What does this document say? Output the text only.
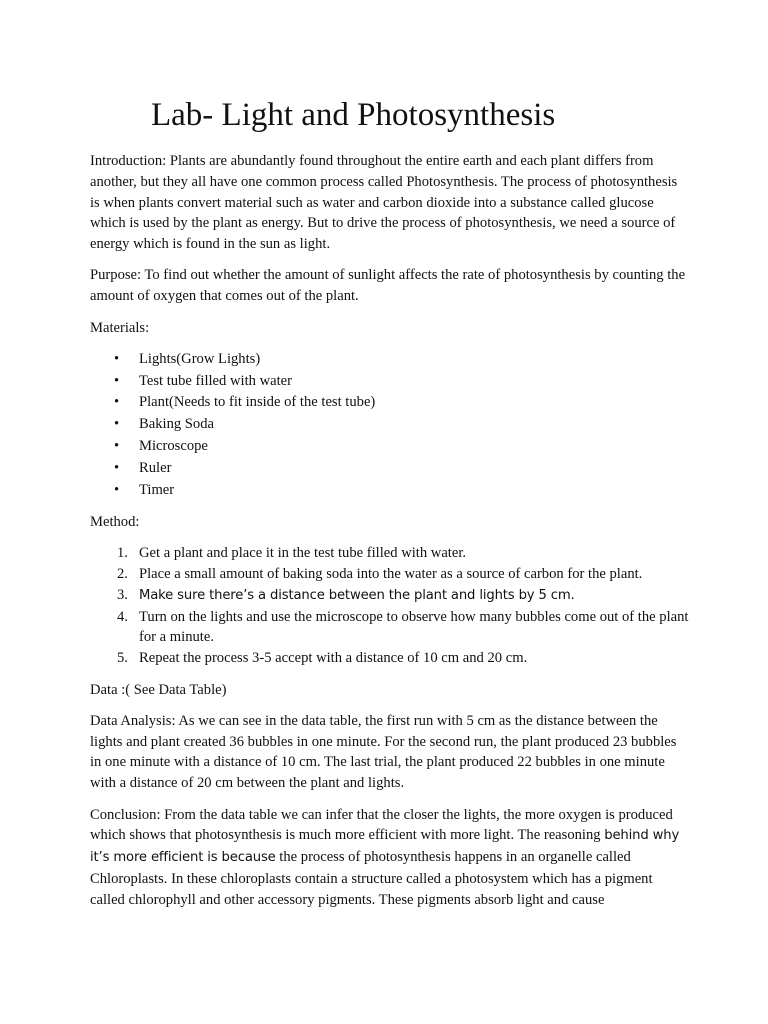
Lab- Light and Photosynthesis

Introduction: Plants are abundantly found throughout the entire earth and each plant differs from another, but they all have one common process called Photosynthesis. The process of photosynthesis is when plants convert material such as water and carbon dioxide into a substance called glucose which is used by the plant as energy. But to drive the process of photosynthesis, we need a source of energy which is found in the sun as light.

Purpose: To find out whether the amount of sunlight affects the rate of photosynthesis by counting the amount of oxygen that comes out of the plant.

Materials:

• Lights(Grow Lights)
• Test tube filled with water
• Plant(Needs to fit inside of the test tube)
• Baking Soda
• Microscope
• Ruler
• Timer

Method:

1. Get a plant and place it in the test tube filled with water.
2. Place a small amount of baking soda into the water as a source of carbon for the plant.
3. Make sure there’s a distance between the plant and lights by 5 cm.
4. Turn on the lights and use the microscope to observe how many bubbles come out of the plant for a minute.
5. Repeat the process 3-5 accept with a distance of 10 cm and 20 cm.

Data :( See Data Table)

Data Analysis: As we can see in the data table, the first run with 5 cm as the distance between the lights and plant created 36 bubbles in one minute. For the second run, the plant produced 23 bubbles in one minute with a distance of 10 cm. The last trial, the plant produced 22 bubbles in one minute with a distance of 20 cm between the plant and lights.

Conclusion: From the data table we can infer that the closer the lights, the more oxygen is produced which shows that photosynthesis is much more efficient with more light. The reasoning behind why it’s more efficient is because the process of photosynthesis happens in an organelle called Chloroplasts. In these chloroplasts contain a structure called a photosystem which has a pigment called chlorophyll and other accessory pigments. These pigments absorb light and cause
